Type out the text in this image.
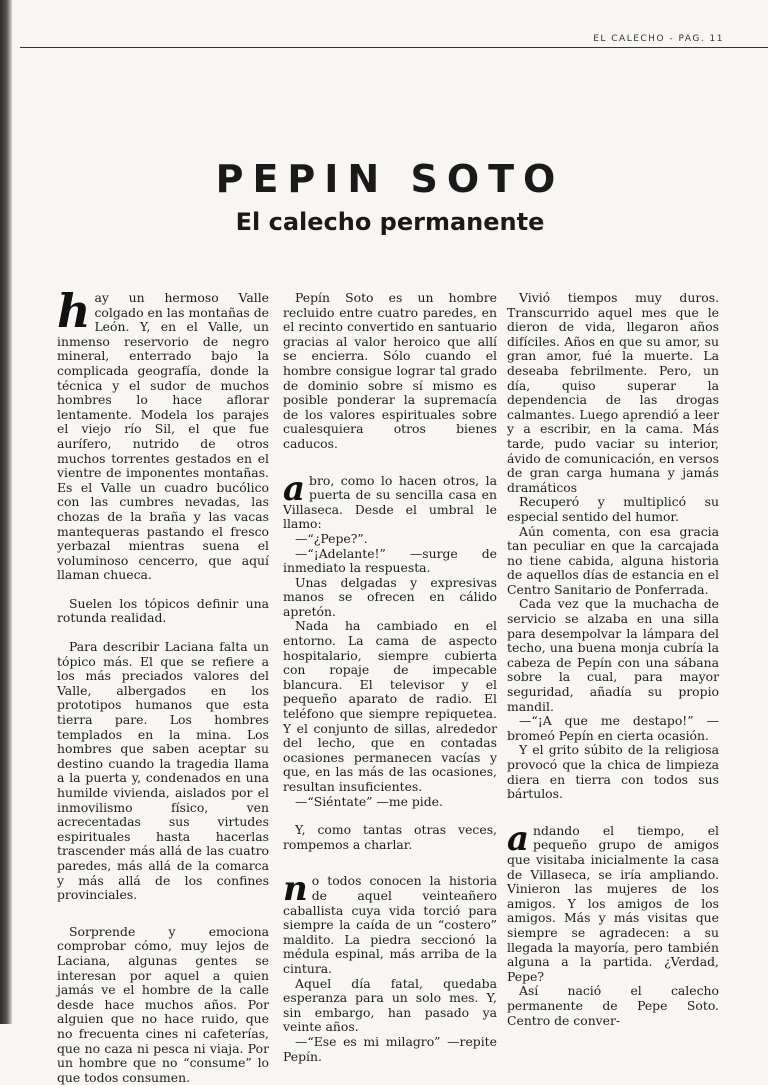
EL CALECHO - PAG. 11
PEPIN SOTO
El calecho permanente

hay un hermoso Valle colgado en las montañas de León. Y, en el Valle, un inmenso reservorio de negro mineral, enterrado bajo la complicada geografía, donde la técnica y el sudor de muchos hombres lo hace aflorar lentamente. Modela los parajes el viejo río Sil, el que fue aurífero, nutrido de otros muchos torrentes gestados en el vientre de imponentes montañas. Es el Valle un cuadro bucólico con las cumbres nevadas, las chozas de la braña y las vacas mantequeras pastando el fresco yerbazal mientras suena el voluminoso cencerro, que aquí llaman chueca.

Suelen los tópicos definir una rotunda realidad.

Para describir Laciana falta un tópico más. El que se refiere a los más preciados valores del Valle, albergados en los prototipos humanos que esta tierra pare. Los hombres templados en la mina. Los hombres que saben aceptar su destino cuando la tragedia llama a la puerta y, condenados en una humilde vivienda, aislados por el inmovilismo físico, ven acrecentadas sus virtudes espirituales hasta hacerlas trascender más allá de las cuatro paredes, más allá de la comarca y más allá de los confines provinciales.

Sorprende y emociona comprobar cómo, muy lejos de Laciana, algunas gentes se interesan por aquel a quien jamás ve el hombre de la calle desde hace muchos años. Por alguien que no hace ruido, que no frecuenta cines ni cafeterías, que no caza ni pesca ni viaja. Por un hombre que no “consume” lo que todos consumen.

Pepín Soto es un hombre recluido entre cuatro paredes, en el recinto convertido en santuario gracias al valor heroico que allí se encierra. Sólo cuando el hombre consigue lograr tal grado de dominio sobre sí mismo es posible ponderar la supremacía de los valores espirituales sobre cualesquiera otros bienes caducos.

abro, como lo hacen otros, la puerta de su sencilla casa en Villaseca. Desde el umbral le llamo:

—“¿Pepe?”.

—“¡Adelante!” —surge de inmediato la respuesta.

Unas delgadas y expresivas manos se ofrecen en cálido apretón.

Nada ha cambiado en el entorno. La cama de aspecto hospitalario, siempre cubierta con ropaje de impecable blancura. El televisor y el pequeño aparato de radio. El teléfono que siempre repiquetea. Y el conjunto de sillas, alrededor del lecho, que en contadas ocasiones permanecen vacías y que, en las más de las ocasiones, resultan insuficientes.

—“Siéntate” —me pide.

Y, como tantas otras veces, rompemos a charlar.

no todos conocen la historia de aquel veinteañero caballista cuya vida torció para siempre la caída de un “costero” maldito. La piedra seccionó la médula espinal, más arriba de la cintura.

Aquel día fatal, quedaba esperanza para un solo mes. Y, sin embargo, han pasado ya veinte años.

—“Ese es mi milagro” —repite Pepín.

Vivió tiempos muy duros. Transcurrido aquel mes que le dieron de vida, llegaron años difíciles. Años en que su amor, su gran amor, fué la muerte. La deseaba febrilmente. Pero, un día, quiso superar la dependencia de las drogas calmantes. Luego aprendió a leer y a escribir, en la cama. Más tarde, pudo vaciar su interior, ávido de comunicación, en versos de gran carga humana y jamás dramáticos

Recuperó y multiplicó su especial sentido del humor.

Aún comenta, con esa gracia tan peculiar en que la carcajada no tiene cabida, alguna historia de aquellos días de estancia en el Centro Sanitario de Ponferrada.

Cada vez que la muchacha de servicio se alzaba en una silla para desempolvar la lámpara del techo, una buena monja cubría la cabeza de Pepín con una sábana sobre la cual, para mayor seguridad, añadía su propio mandil.

—“¡A que me destapo!” —bromeó Pepín en cierta ocasión.

Y el grito súbito de la religiosa provocó que la chica de limpieza diera en tierra con todos sus bártulos.

andando el tiempo, el pequeño grupo de amigos que visitaba inicialmente la casa de Villaseca, se iría ampliando. Vinieron las mujeres de los amigos. Y los amigos de los amigos. Más y más visitas que siempre se agradecen: a su llegada la mayoría, pero también alguna a la partida. ¿Verdad, Pepe?

Así nació el calecho permanente de Pepe Soto. Centro de conver-
